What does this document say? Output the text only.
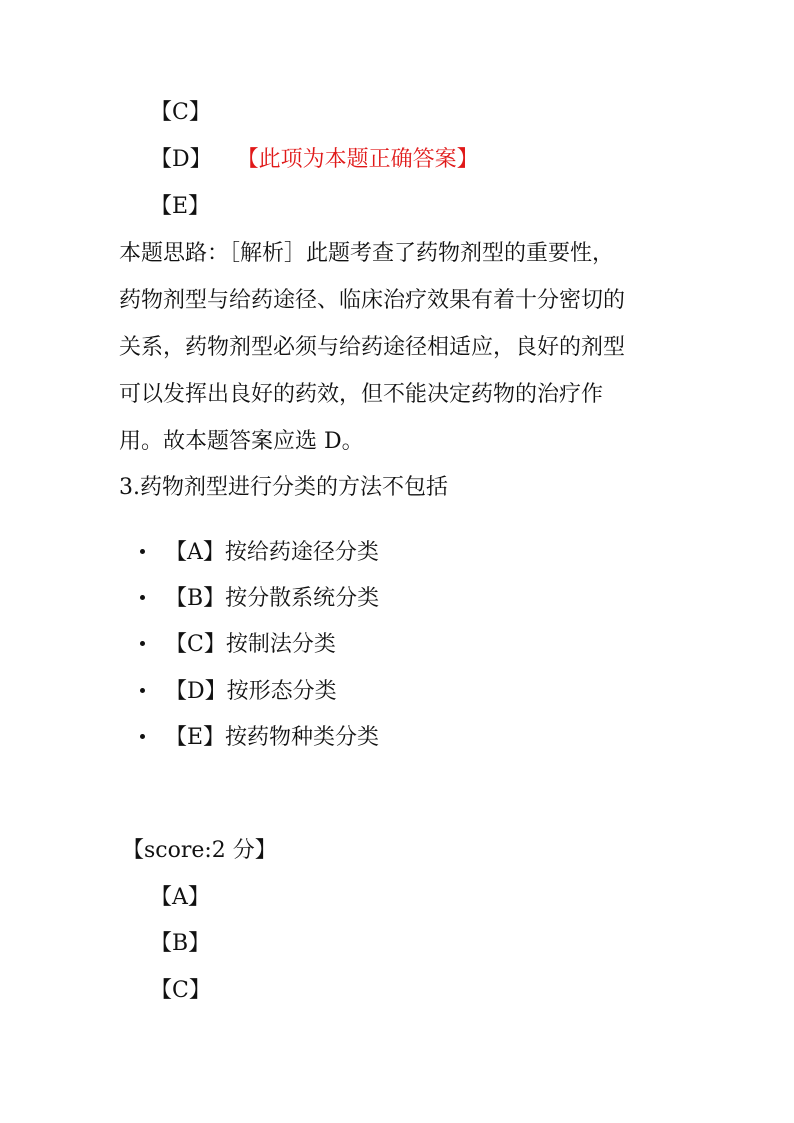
【C】
【D】 【此项为本题正确答案】
【E】
本题思路：［解析］此题考查了药物剂型的重要性，
药物剂型与给药途径、临床治疗效果有着十分密切的
关系，药物剂型必须与给药途径相适应，良好的剂型
可以发挥出良好的药效，但不能决定药物的治疗作
用。故本题答案应选 D。
3.药物剂型进行分类的方法不包括
【A】按给药途径分类
【B】按分散系统分类
【C】按制法分类
【D】按形态分类
【E】按药物种类分类
【score:2 分】
【A】
【B】
【C】
